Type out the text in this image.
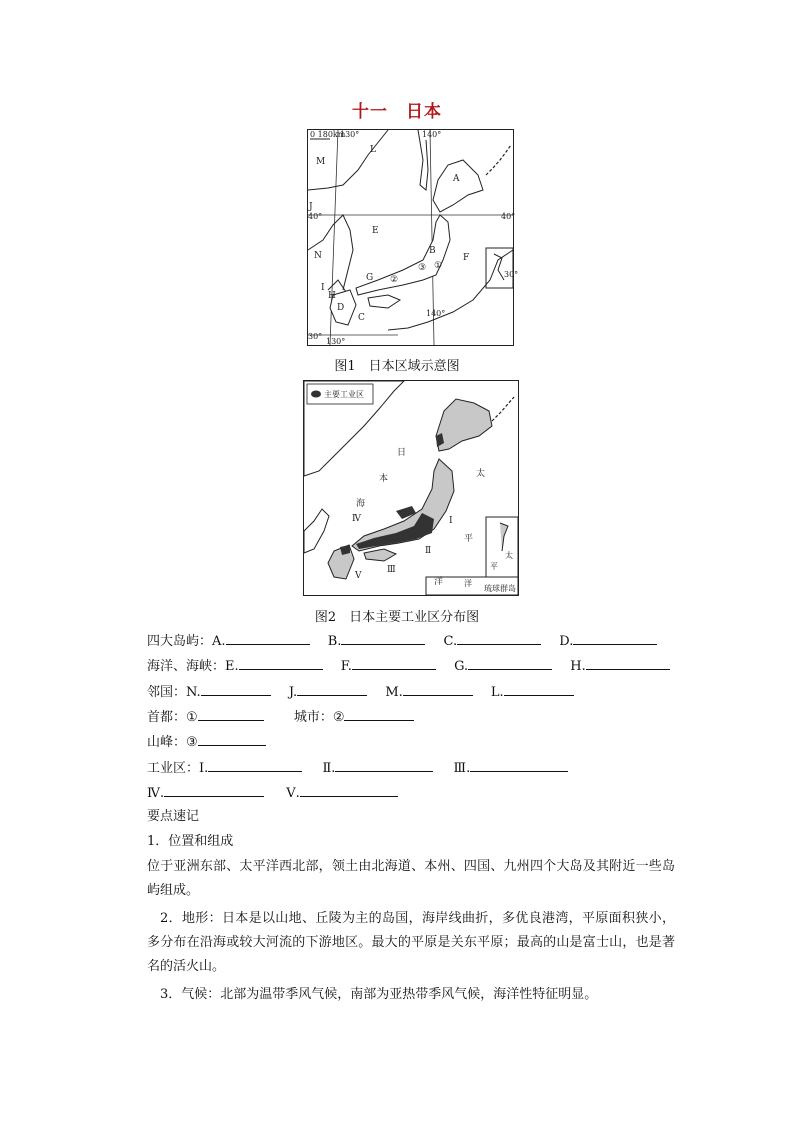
十一　日本
0 180km
130°	140°
140°
130°
40°	40°
30°
30°
M
L
A
J
E
B
F
N
G
I
H
D
C
①
②
③
图1　日本区域示意图
主要工业区
琉球群岛
日
本
海
太
平
洋
太
平
洋
Ⅰ
Ⅱ
Ⅲ
Ⅳ
Ⅴ
图2　日本主要工业区分布图
四大岛屿：A.	B.	C.	D.
海洋、海峡：E.	F.	G.	H.
邻国：N.	J.	M.	L.
首都：①	城市：②
山峰：③
工业区：Ⅰ.	Ⅱ.	Ⅲ.
Ⅳ.	Ⅴ.
要点速记
1．位置和组成
位于亚洲东部、太平洋西北部，领土由北海道、本州、四国、九州四个大岛及其附近一些岛屿组成。
2．地形：日本是以山地、丘陵为主的岛国，海岸线曲折，多优良港湾，平原面积狭小，多分布在沿海或较大河流的下游地区。最大的平原是关东平原；最高的山是富士山，也是著名的活火山。
3．气候：北部为温带季风气候，南部为亚热带季风气候，海洋性特征明显。
